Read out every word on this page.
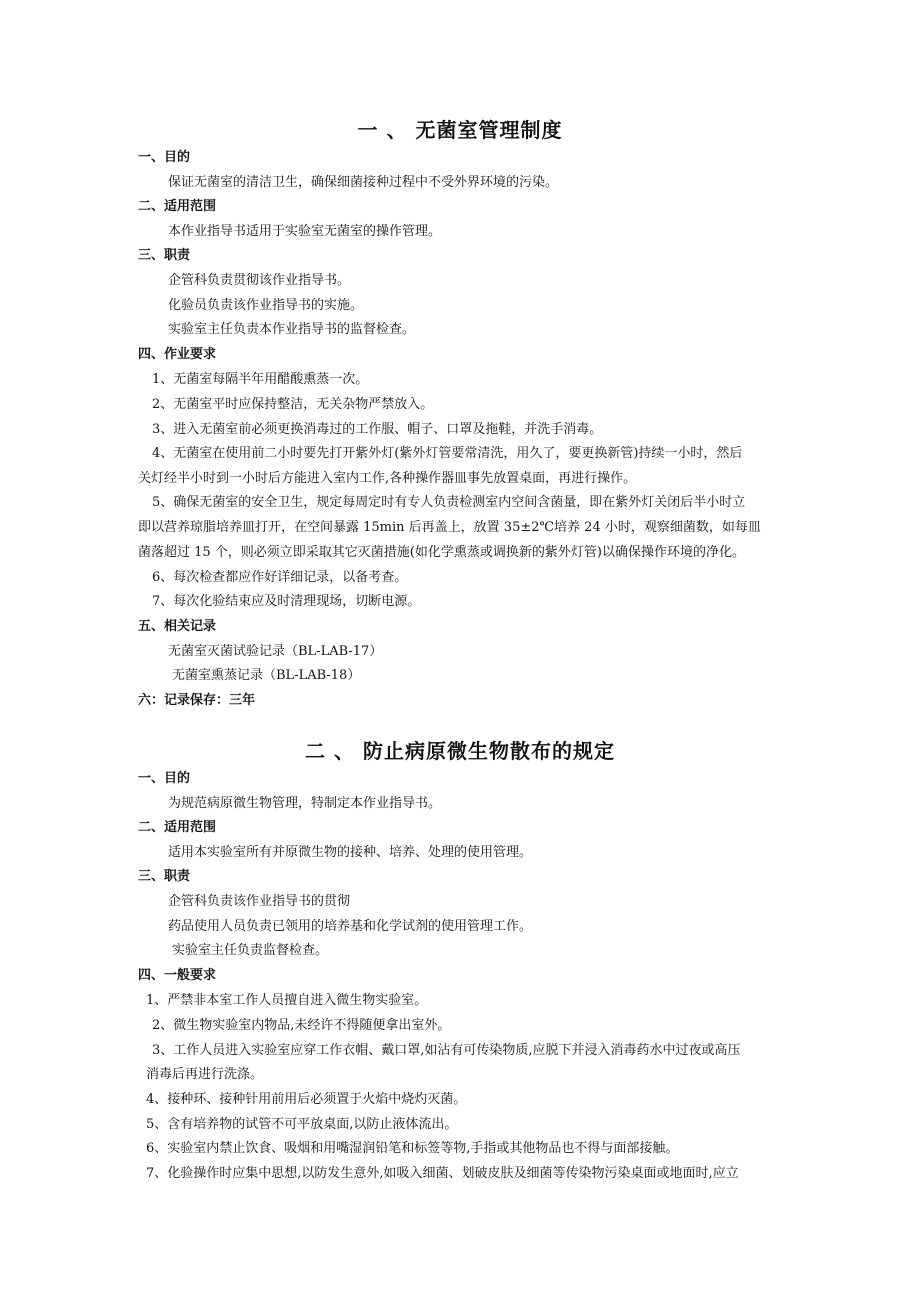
一 、 无菌室管理制度
一、目的
保证无菌室的清洁卫生，确保细菌接种过程中不受外界环境的污染。
二、适用范围
本作业指导书适用于实验室无菌室的操作管理。
三、职责
企管科负责贯彻该作业指导书。
化验员负责该作业指导书的实施。
实验室主任负责本作业指导书的监督检查。
四、作业要求
1、无菌室每隔半年用醋酸熏蒸一次。
2、无菌室平时应保持整洁，无关杂物严禁放入。
3、进入无菌室前必须更换消毒过的工作服、帽子、口罩及拖鞋，并洗手消毒。
4、无菌室在使用前二小时要先打开紫外灯(紫外灯管要常清洗，用久了，要更换新管)持续一小时，然后
关灯经半小时到一小时后方能进入室内工作,各种操作器皿事先放置桌面，再进行操作。
5、确保无菌室的安全卫生，规定每周定时有专人负责检测室内空间含菌量，即在紫外灯关闭后半小时立
即以营养琼脂培养皿打开，在空间暴露 15min 后再盖上，放置 35±2℃培养 24 小时，观察细菌数，如每皿
菌落超过 15 个，则必须立即采取其它灭菌措施(如化学熏蒸或调换新的紫外灯管)以确保操作环境的净化。
6、每次检查都应作好详细记录，以备考查。
7、每次化验结束应及时清理现场，切断电源。
五、相关记录
无菌室灭菌试验记录（BL-LAB-17）
无菌室熏蒸记录（BL-LAB-18）
六：记录保存：三年
二 、 防止病原微生物散布的规定
一、目的
为规范病原微生物管理，特制定本作业指导书。
二、适用范围
适用本实验室所有并原微生物的接种、培养、处理的使用管理。
三、职责
企管科负责该作业指导书的贯彻
药品使用人员负责已领用的培养基和化学试剂的使用管理工作。
实验室主任负责监督检查。
四、一般要求
1、严禁非本室工作人员擅自进入微生物实验室。
2、微生物实验室内物品,未经许不得随便拿出室外。
3、工作人员进入实验室应穿工作衣帽、戴口罩,如沾有可传染物质,应脱下并浸入消毒药水中过夜或高压
消毒后再进行洗涤。
4、接种环、接种针用前用后必须置于火焰中烧灼灭菌。
5、含有培养物的试管不可平放桌面,以防止液体流出。
6、实验室内禁止饮食、吸烟和用嘴湿润铅笔和标签等物,手指或其他物品也不得与面部接触。
7、化验操作时应集中思想,以防发生意外,如吸入细菌、划破皮肤及细菌等传染物污染桌面或地面时,应立
